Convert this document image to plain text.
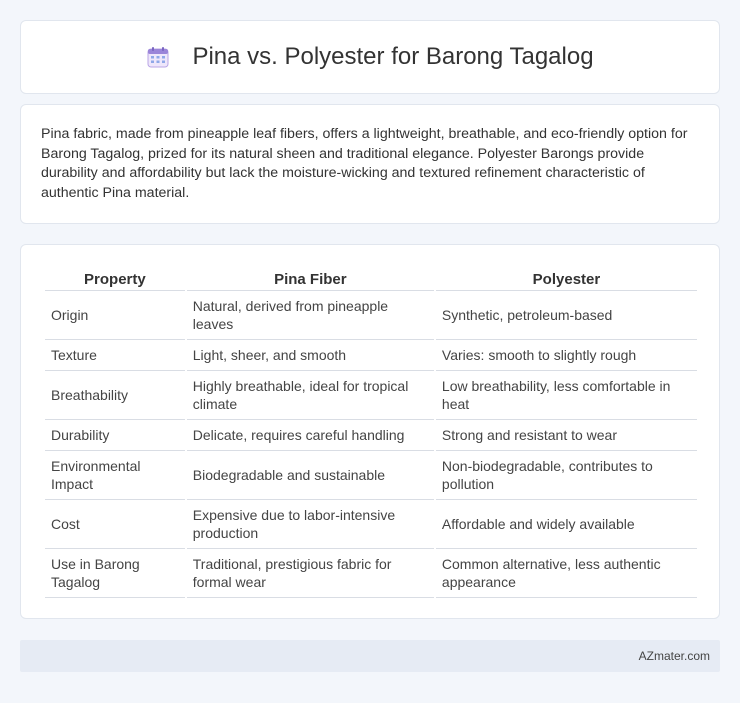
Pina vs. Polyester for Barong Tagalog

Pina fabric, made from pineapple leaf fibers, offers a lightweight, breathable, and eco-friendly option for Barong Tagalog, prized for its natural sheen and traditional elegance. Polyester Barongs provide durability and affordability but lack the moisture-wicking and textured refinement characteristic of authentic Pina material.

Property	Pina Fiber	Polyester
Origin	Natural, derived from pineapple leaves	Synthetic, petroleum-based
Texture	Light, sheer, and smooth	Varies: smooth to slightly rough
Breathability	Highly breathable, ideal for tropical climate	Low breathability, less comfortable in heat
Durability	Delicate, requires careful handling	Strong and resistant to wear
Environmental Impact	Biodegradable and sustainable	Non-biodegradable, contributes to pollution
Cost	Expensive due to labor-intensive production	Affordable and widely available
Use in Barong Tagalog	Traditional, prestigious fabric for formal wear	Common alternative, less authentic appearance
AZmater.com
